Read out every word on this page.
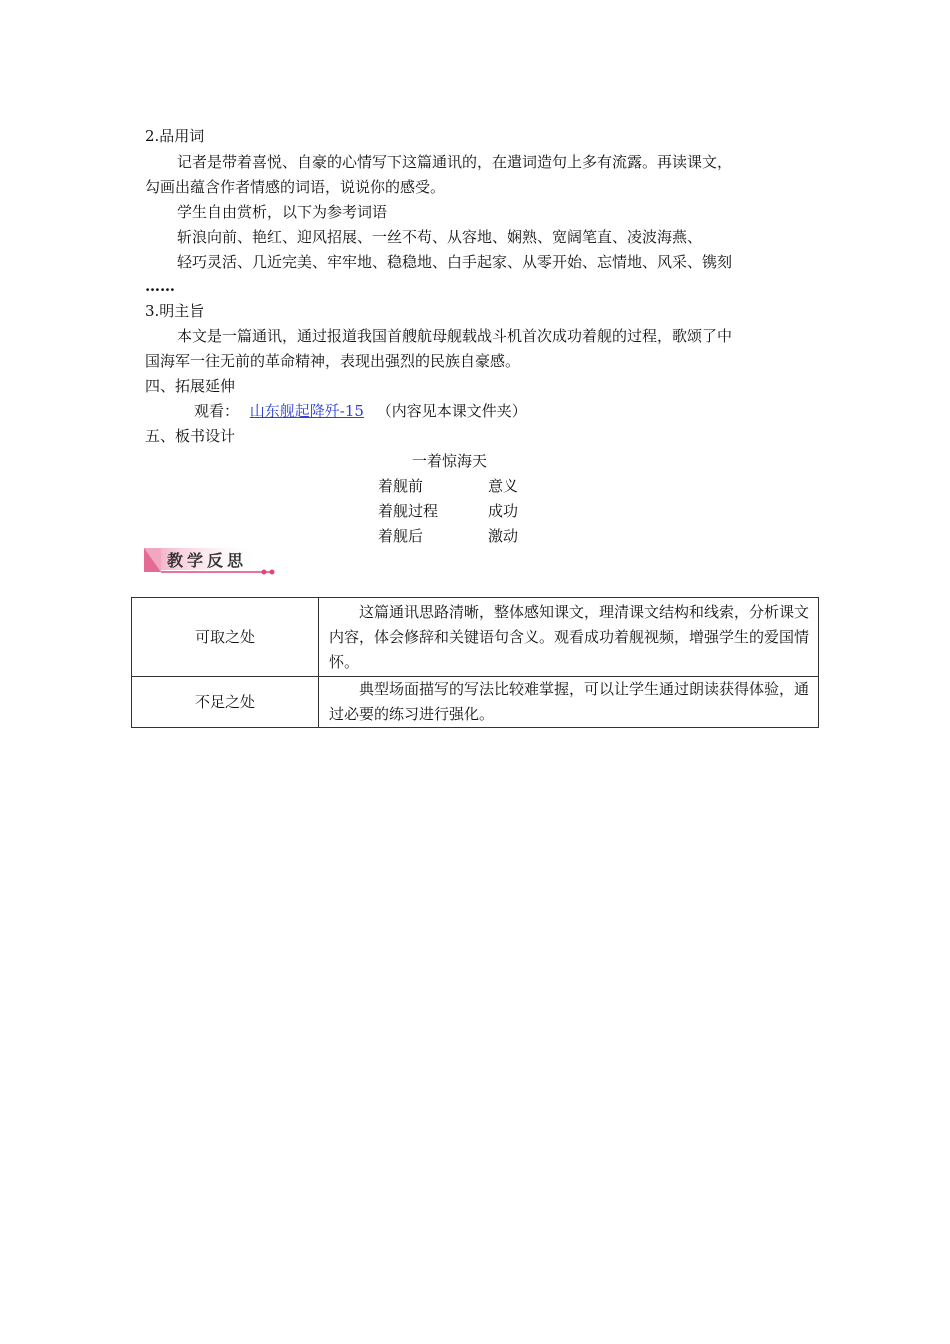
2.品用词
记者是带着喜悦、自豪的心情写下这篇通讯的，在遣词造句上多有流露。再读课文，
勾画出蕴含作者情感的词语，说说你的感受。
学生自由赏析，以下为参考词语
斩浪向前、艳红、迎风招展、一丝不苟、从容地、娴熟、宽阔笔直、凌波海燕、
轻巧灵活、几近完美、牢牢地、稳稳地、白手起家、从零开始、忘情地、风采、镌刻
……
3.明主旨
本文是一篇通讯，通过报道我国首艘航母舰载战斗机首次成功着舰的过程，歌颂了中
国海军一往无前的革命精神，表现出强烈的民族自豪感。
四、拓展延伸
观看： 山东舰起降歼-15 （内容见本课文件夹）
五、板书设计
一着惊海天
着舰前	意义
着舰过程	成功
着舰后	激动
教学反思
可取之处	这篇通讯思路清晰，整体感知课文，理清课文结构和线索，分析课文内容，体会修辞和关键语句含义。观看成功着舰视频，增强学生的爱国情怀。
不足之处	典型场面描写的写法比较难掌握，可以让学生通过朗读获得体验，通过必要的练习进行强化。
